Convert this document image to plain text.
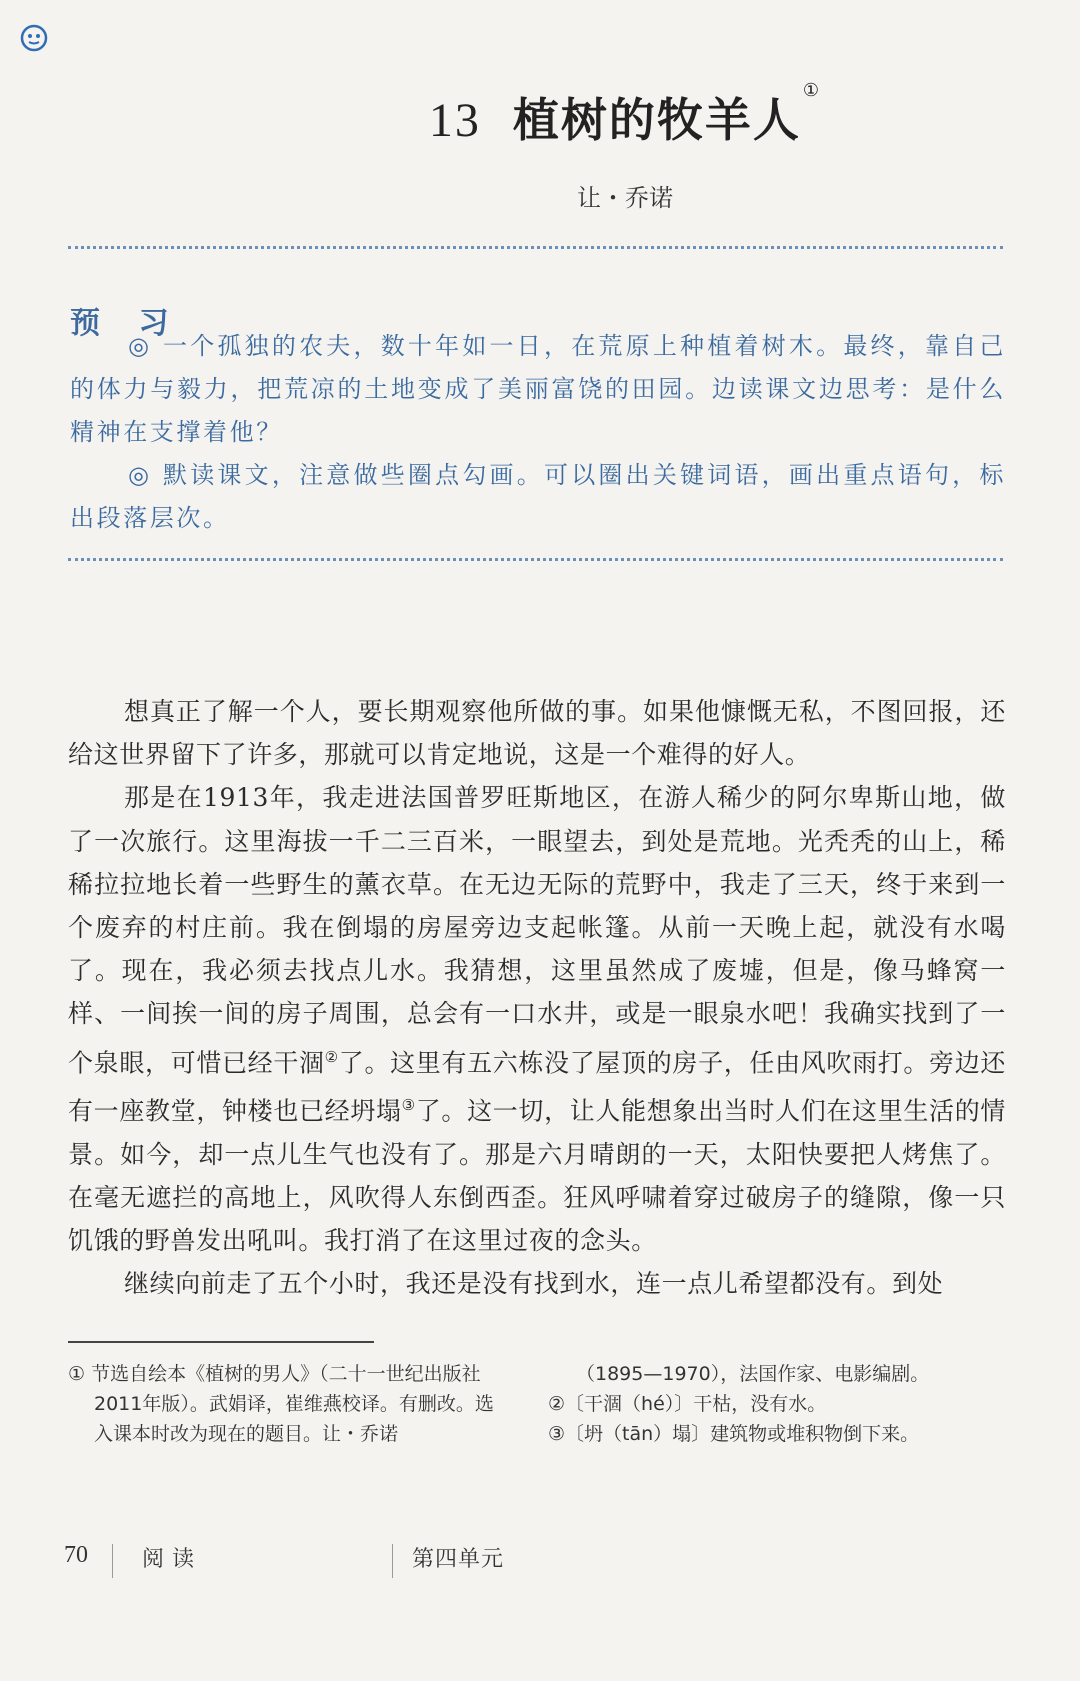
13 植树的牧羊人①
让・乔诺
预 习
◎ 一个孤独的农夫，数十年如一日，在荒原上种植着树木。最终，靠自己的体力与毅力，把荒凉的土地变成了美丽富饶的田园。边读课文边思考：是什么精神在支撑着他？
◎ 默读课文，注意做些圈点勾画。可以圈出关键词语，画出重点语句，标出段落层次。

想真正了解一个人，要长期观察他所做的事。如果他慷慨无私，不图回报，还给这世界留下了许多，那就可以肯定地说，这是一个难得的好人。

那是在1913年，我走进法国普罗旺斯地区，在游人稀少的阿尔卑斯山地，做了一次旅行。这里海拔一千二三百米，一眼望去，到处是荒地。光秃秃的山上，稀稀拉拉地长着一些野生的薰衣草。在无边无际的荒野中，我走了三天，终于来到一个废弃的村庄前。我在倒塌的房屋旁边支起帐篷。从前一天晚上起，就没有水喝了。现在，我必须去找点儿水。我猜想，这里虽然成了废墟，但是，像马蜂窝一样、一间挨一间的房子周围，总会有一口水井，或是一眼泉水吧！我确实找到了一个泉眼，可惜已经干涸②了。这里有五六栋没了屋顶的房子，任由风吹雨打。旁边还有一座教堂，钟楼也已经坍塌③了。这一切，让人能想象出当时人们在这里生活的情景。如今，却一点儿生气也没有了。那是六月晴朗的一天，太阳快要把人烤焦了。在毫无遮拦的高地上，风吹得人东倒西歪。狂风呼啸着穿过破房子的缝隙，像一只饥饿的野兽发出吼叫。我打消了在这里过夜的念头。

继续向前走了五个小时，我还是没有找到水，连一点儿希望都没有。到处

① 节选自绘本《植树的男人》（二十一世纪出版社2011年版）。武娟译，崔维燕校译。有删改。选入课本时改为现在的题目。让・乔诺

（1895—1970），法国作家、电影编剧。

②〔干涸（hé）〕干枯，没有水。

③〔坍（tān）塌〕建筑物或堆积物倒下来。

70 阅读	第四单元
